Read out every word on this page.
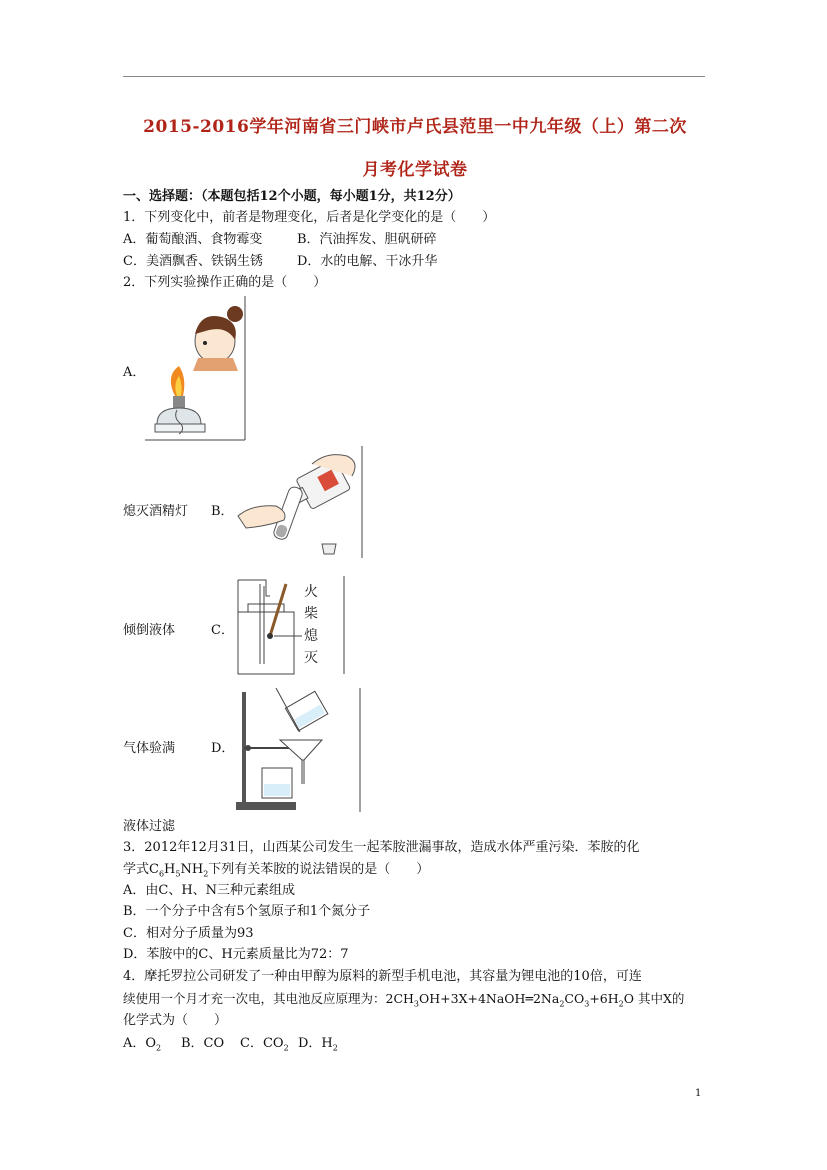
2015-2016学年河南省三门峡市卢氏县范里一中九年级（上）第二次
月考化学试卷
一、选择题：（本题包括12个小题，每小题1分，共12分）
1．下列变化中，前者是物理变化，后者是化学变化的是（　　）
A．葡萄酿酒、食物霉变	B．汽油挥发、胆矾研碎
C．美酒飘香、铁锅生锈	D．水的电解、干冰升华
2．下列实验操作正确的是（　　）
A．
熄灭酒精灯 B．
倾倒液体	C．
火
柴
熄
灭
气体验满	D．
液体过滤
3．2012年12月31日，山西某公司发生一起苯胺泄漏事故，造成水体严重污染．苯胺的化
学式$C_6H_5NH_2$下列有关苯胺的说法错误的是（　　）
A．由C、H、N三种元素组成
B．一个分子中含有5个氢原子和1个氮分子
C．相对分子质量为93
D．苯胺中的C、H元素质量比为72：7
4．摩托罗拉公司研发了一种由甲醇为原料的新型手机电池，其容量为锂电池的10倍，可连
续使用一个月才充一次电，其电池反应原理为：$2CH_3OH+3X+4NaOH═2Na_2CO_3+6H_2O$ 其中X的
化学式为（　　）
A．$O_2$ B．CO C．$CO_2$ D．$H_2$
1
